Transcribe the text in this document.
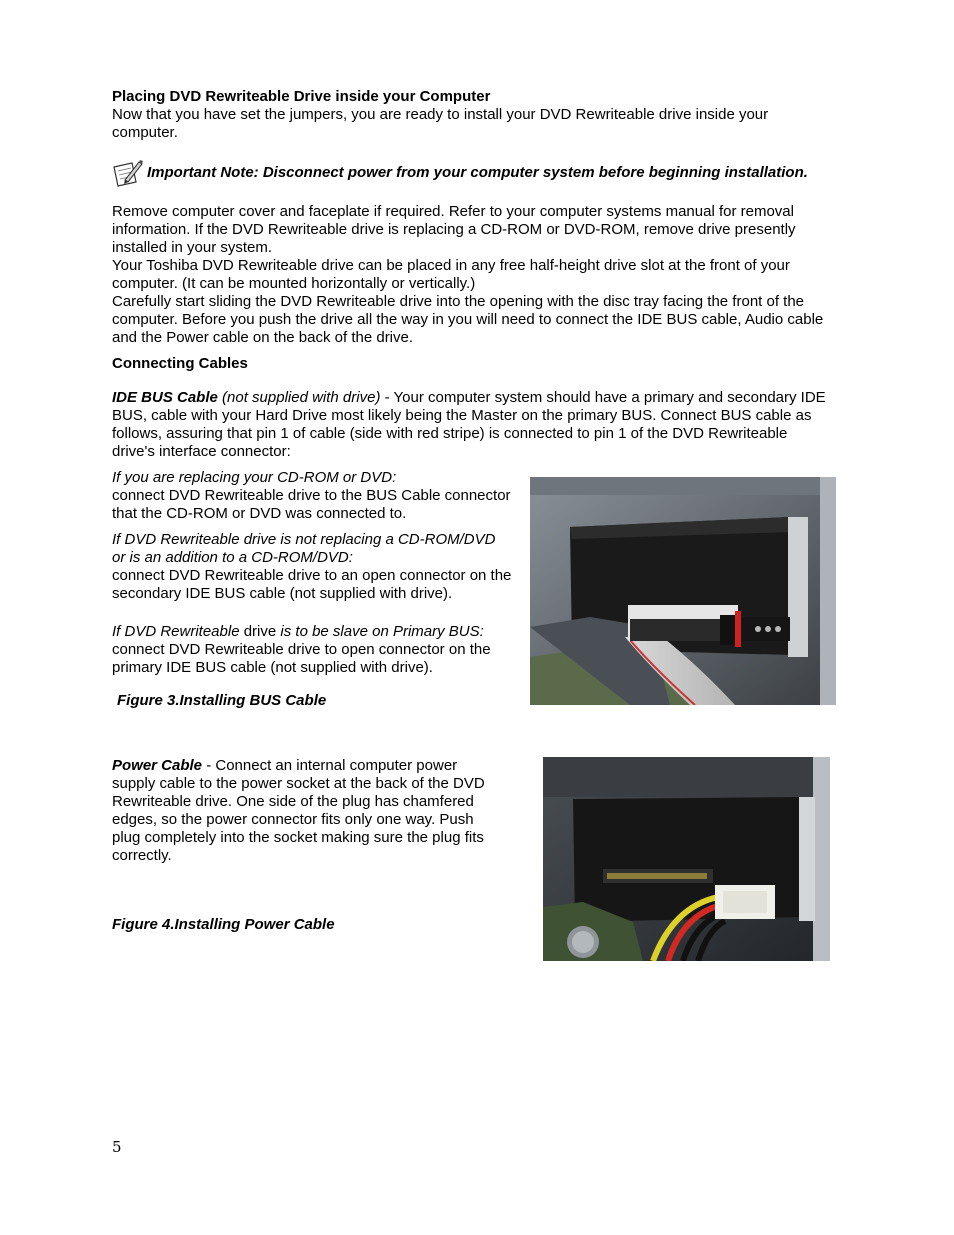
Placing DVD Rewriteable Drive inside your Computer

Now that you have set the jumpers, you are ready to install your DVD Rewriteable drive inside your computer.

Important Note: Disconnect power from your computer system before beginning installation.

Remove computer cover and faceplate if required. Refer to your computer systems manual for removal information. If the DVD Rewriteable drive is replacing a CD-ROM or DVD-ROM, remove drive presently installed in your system.

Your Toshiba DVD Rewriteable drive can be placed in any free half-height drive slot at the front of your computer. (It can be mounted horizontally or vertically.)

Carefully start sliding the DVD Rewriteable drive into the opening with the disc tray facing the front of the computer. Before you push the drive all the way in you will need to connect the IDE BUS cable, Audio cable and the Power cable on the back of the drive.

Connecting Cables

IDE BUS Cable (not supplied with drive) - Your computer system should have a primary and secondary IDE BUS, cable with your Hard Drive most likely being the Master on the primary BUS. Connect BUS cable as follows, assuring that pin 1 of cable (side with red stripe) is connected to pin 1 of the DVD Rewriteable drive's interface connector:

If you are replacing your CD-ROM or DVD:

connect DVD Rewriteable drive to the BUS Cable connector that the CD-ROM or DVD was connected to.

If DVD Rewriteable drive is not replacing a CD-ROM/DVD or is an addition to a CD-ROM/DVD:

connect DVD Rewriteable drive to an open connector on the secondary IDE BUS cable (not supplied with drive).

If DVD Rewriteable drive is to be slave on Primary BUS:

connect DVD Rewriteable drive to open connector on the primary IDE BUS cable (not supplied with drive).

Figure 3.Installing BUS Cable

Power Cable - Connect an internal computer power supply cable to the power socket at the back of the DVD Rewriteable drive. One side of the plug has chamfered edges, so the power connector fits only one way. Push plug completely into the socket making sure the plug fits correctly.

Figure 4.Installing Power Cable

5
